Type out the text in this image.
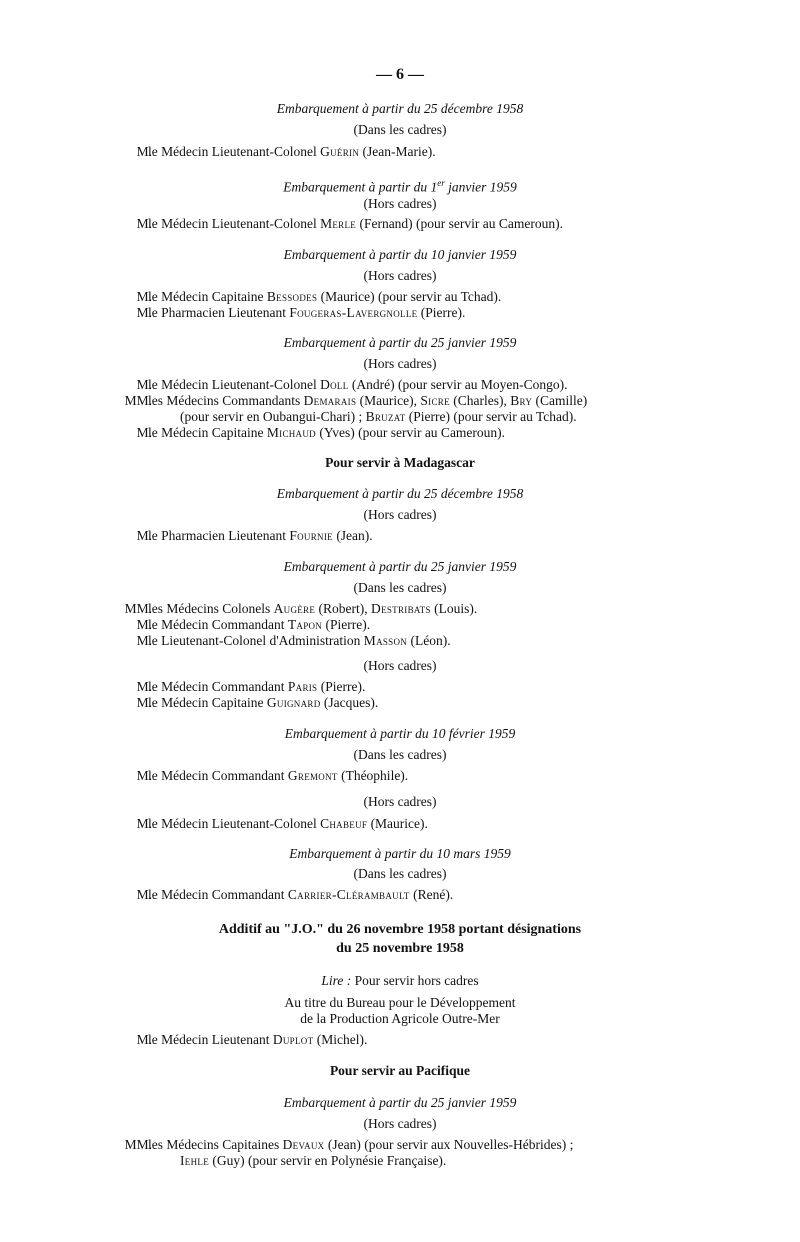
— 6 —
Embarquement à partir du 25 décembre 1958
(Dans les cadres)
M.
le Médecin Lieutenant-Colonel Guérin (Jean-Marie).
Embarquement à partir du 1er janvier 1959
(Hors cadres)
M.
le Médecin Lieutenant-Colonel Merle (Fernand) (pour servir au Cameroun).
Embarquement à partir du 10 janvier 1959
(Hors cadres)
M.
le Médecin Capitaine Bessodes (Maurice) (pour servir au Tchad).
M.
le Pharmacien Lieutenant Fougeras-Lavergnolle (Pierre).
Embarquement à partir du 25 janvier 1959
(Hors cadres)
M.
le Médecin Lieutenant-Colonel Doll (André) (pour servir au Moyen-Congo).
MM.
les Médecins Commandants Demarais (Maurice), Sicre (Charles), Bry (Camille)
(pour servir en Oubangui-Chari) ; Bruzat (Pierre) (pour servir au Tchad).
M.
le Médecin Capitaine Michaud (Yves) (pour servir au Cameroun).
Pour servir à Madagascar
Embarquement à partir du 25 décembre 1958
(Hors cadres)
M.
le Pharmacien Lieutenant Fournie (Jean).
Embarquement à partir du 25 janvier 1959
(Dans les cadres)
MM.
les Médecins Colonels Augère (Robert), Destribats (Louis).
M.
le Médecin Commandant Tapon (Pierre).
M.
le Lieutenant-Colonel d'Administration Masson (Léon).
(Hors cadres)
M.
le Médecin Commandant Paris (Pierre).
M.
le Médecin Capitaine Guignard (Jacques).
Embarquement à partir du 10 février 1959
(Dans les cadres)
M.
le Médecin Commandant Gremont (Théophile).
(Hors cadres)
M.
le Médecin Lieutenant-Colonel Chabeuf (Maurice).
Embarquement à partir du 10 mars 1959
(Dans les cadres)
M.
le Médecin Commandant Carrier-Clérambault (René).
Additif au "J.O." du 26 novembre 1958 portant désignations
du 25 novembre 1958
Lire : Pour servir hors cadres
Au titre du Bureau pour le Développement
de la Production Agricole Outre-Mer
M.
le Médecin Lieutenant Duplot (Michel).
Pour servir au Pacifique
Embarquement à partir du 25 janvier 1959
(Hors cadres)
MM.
les Médecins Capitaines Devaux (Jean) (pour servir aux Nouvelles-Hébrides) ;
Iehle (Guy) (pour servir en Polynésie Française).
